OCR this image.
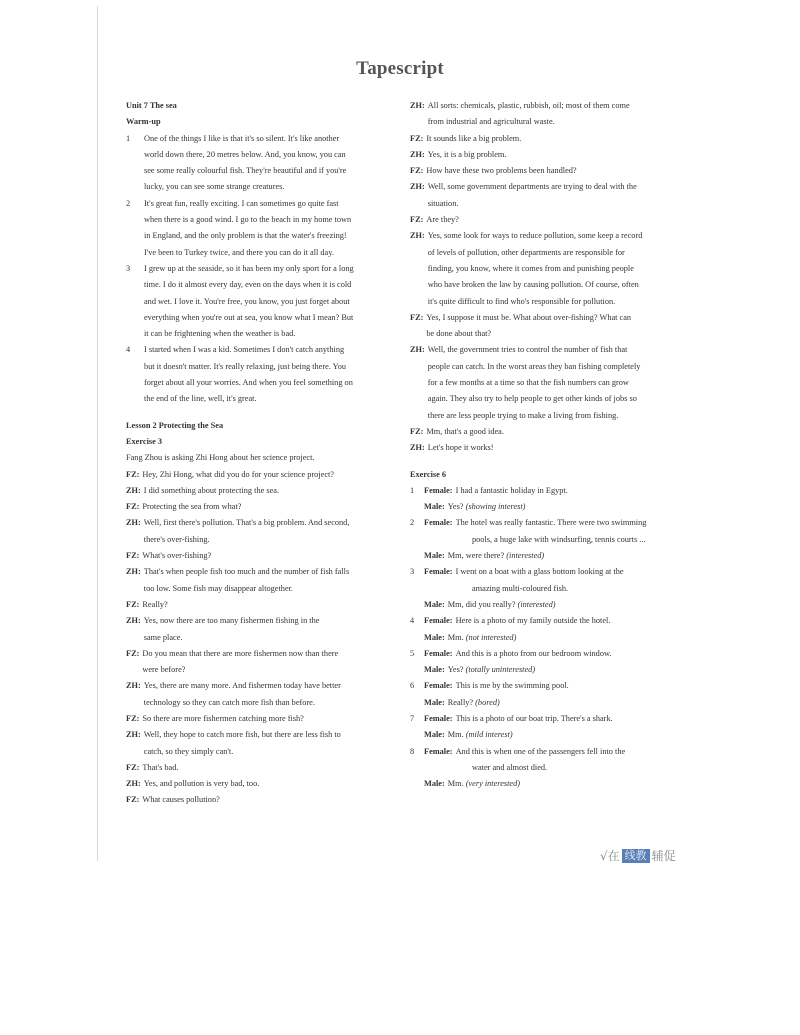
Tapescript
Unit 7 The sea
Warm-up
1	One of the things I like is that it's so silent. It's like another
world down there, 20 metres below. And, you know, you can
see some really colourful fish. They're beautiful and if you're
lucky, you can see some strange creatures.
2	It's great fun, really exciting. I can sometimes go quite fast
when there is a good wind. I go to the beach in my home town
in England, and the only problem is that the water's freezing!
I've been to Turkey twice, and there you can do it all day.
3	I grew up at the seaside, so it has been my only sport for a long
time. I do it almost every day, even on the days when it is cold
and wet. I love it. You're free, you know, you just forget about
everything when you're out at sea, you know what I mean? But
it can be frightening when the weather is bad.
4	I started when I was a kid. Sometimes I don't catch anything
but it doesn't matter. It's really relaxing, just being there. You
forget about all your worries. And when you feel something on
the end of the line, well, it's great.
Lesson 2 Protecting the Sea
Exercise 3
Fang Zhou is asking Zhi Hong about her science project.
FZ: Hey, Zhi Hong, what did you do for your science project?
ZH: I did something about protecting the sea.
FZ: Protecting the sea from what?
ZH: Well, first there's pollution. That's a big problem. And second,
there's over-fishing.
FZ: What's over-fishing?
ZH: That's when people fish too much and the number of fish falls
too low. Some fish may disappear altogether.
FZ: Really?
ZH: Yes, now there are too many fishermen fishing in the
same place.
FZ: Do you mean that there are more fishermen now than there
were before?
ZH: Yes, there are many more. And fishermen today have better
technology so they can catch more fish than before.
FZ: So there are more fishermen catching more fish?
ZH: Well, they hope to catch more fish, but there are less fish to
catch, so they simply can't.
FZ: That's bad.
ZH: Yes, and pollution is very bad, too.
FZ: What causes pollution?
ZH: All sorts: chemicals, plastic, rubbish, oil; most of them come
from industrial and agricultural waste.
FZ: It sounds like a big problem.
ZH: Yes, it is a big problem.
FZ: How have these two problems been handled?
ZH: Well, some government departments are trying to deal with the
situation.
FZ: Are they?
ZH: Yes, some look for ways to reduce pollution, some keep a record
of levels of pollution, other departments are responsible for
finding, you know, where it comes from and punishing people
who have broken the law by causing pollution. Of course, often
it's quite difficult to find who's responsible for pollution.
FZ: Yes, I suppose it must be. What about over-fishing? What can
be done about that?
ZH: Well, the government tries to control the number of fish that
people can catch. In the worst areas they ban fishing completely
for a few months at a time so that the fish numbers can grow
again. They also try to help people to get other kinds of jobs so
there are less people trying to make a living from fishing.
FZ: Mm, that's a good idea.
ZH: Let's hope it works!
Exercise 6
1	Female: I had a fantastic holiday in Egypt.
Male: Yes? (showing interest)
2	Female: The hotel was really fantastic. There were two swimming
pools, a huge lake with windsurfing, tennis courts ...
Male: Mm, were there? (interested)
3	Female: I went on a boat with a glass bottom looking at the
amazing multi-coloured fish.
Male: Mm, did you really? (interested)
4	Female: Here is a photo of my family outside the hotel.
Male: Mm. (not interested)
5	Female: And this is a photo from our bedroom window.
Male: Yes? (totally uninterested)
6	Female: This is me by the swimming pool.
Male: Really? (bored)
7	Female: This is a photo of our boat trip. There's a shark.
Male: Mm. (mild interest)
8	Female: And this is when one of the passengers fell into the
water and almost died.
Male: Mm. (very interested)
√在 线教 辅促
